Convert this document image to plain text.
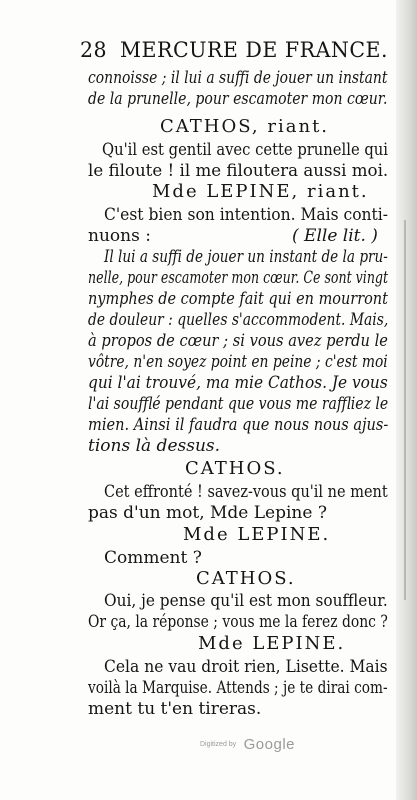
28 MERCURE DE FRANCE.
connoisse ; il lui a suffi de jouer un instant
de la prunelle, pour escamoter mon cœur.
CATHOS, riant.
Qu'il est gentil avec cette prunelle qui
le filoute ! il me filoutera aussi moi.
Mde LEPINE, riant.
C'est bien son intention. Mais conti-
nuons :	( Elle lit. )
Il lui a suffi de jouer un instant de la pru-
nelle, pour escamoter mon cœur. Ce sont vingt
nymphes de compte fait qui en mourront
de douleur : quelles s'accommodent. Mais,
à propos de cœur ; si vous avez perdu le
vôtre, n'en soyez point en peine ; c'est moi
qui l'ai trouvé, ma mie Cathos. Je vous
l'ai soufflé pendant que vous me raffliez le
mien. Ainsi il faudra que nous nous ajus-
tions là dessus.
CATHOS.
Cet effronté ! savez-vous qu'il ne ment
pas d'un mot, Mde Lepine ?
Mde LEPINE.
Comment ?
CATHOS.
Oui, je pense qu'il est mon souffleur.
Or ça, la réponse ; vous me la ferez donc ?
Mde LEPINE.
Cela ne vau droit rien, Lisette. Mais
voilà la Marquise. Attends ; je te dirai com-
ment tu t'en tireras.
Digitized by Google
